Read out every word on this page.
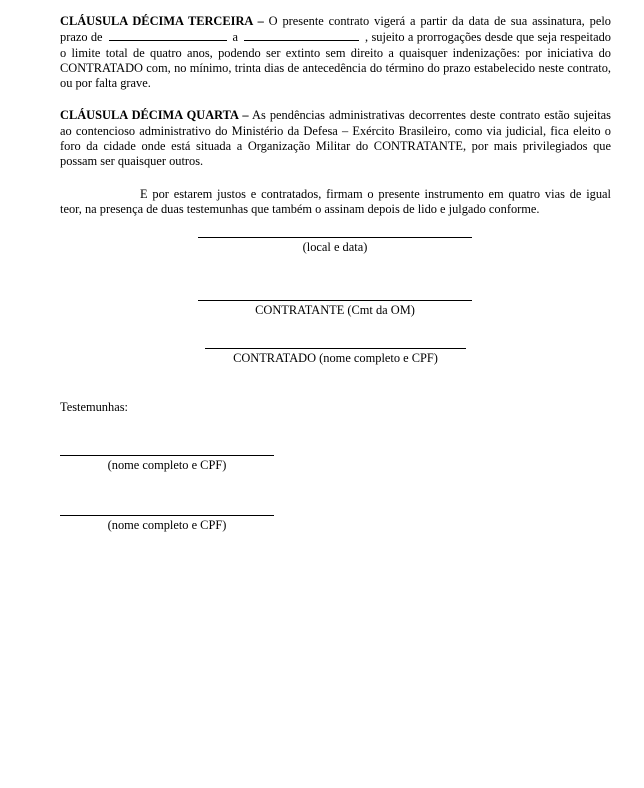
CLÁUSULA DÉCIMA TERCEIRA – O presente contrato vigerá a partir da data de sua assinatura, pelo prazo de	a	, sujeito a prorrogações desde que seja respeitado o limite total de quatro anos, podendo ser extinto sem direito a quaisquer indenizações: por iniciativa do CONTRATADO com, no mínimo, trinta dias de antecedência do término do prazo estabelecido neste contrato, ou por falta grave.

CLÁUSULA DÉCIMA QUARTA – As pendências administrativas decorrentes deste contrato estão sujeitas ao contencioso administrativo do Ministério da Defesa – Exército Brasileiro, como via judicial, fica eleito o foro da cidade onde está situada a Organização Militar do CONTRATANTE, por mais privilegiados que possam ser quaisquer outros.

E por estarem justos e contratados, firmam o presente instrumento em quatro vias de igual teor, na presença de duas testemunhas que também o assinam depois de lido e julgado conforme.

(local e data)
CONTRATANTE (Cmt da OM)
CONTRATADO (nome completo e CPF)
Testemunhas:
(nome completo e CPF)
(nome completo e CPF)
